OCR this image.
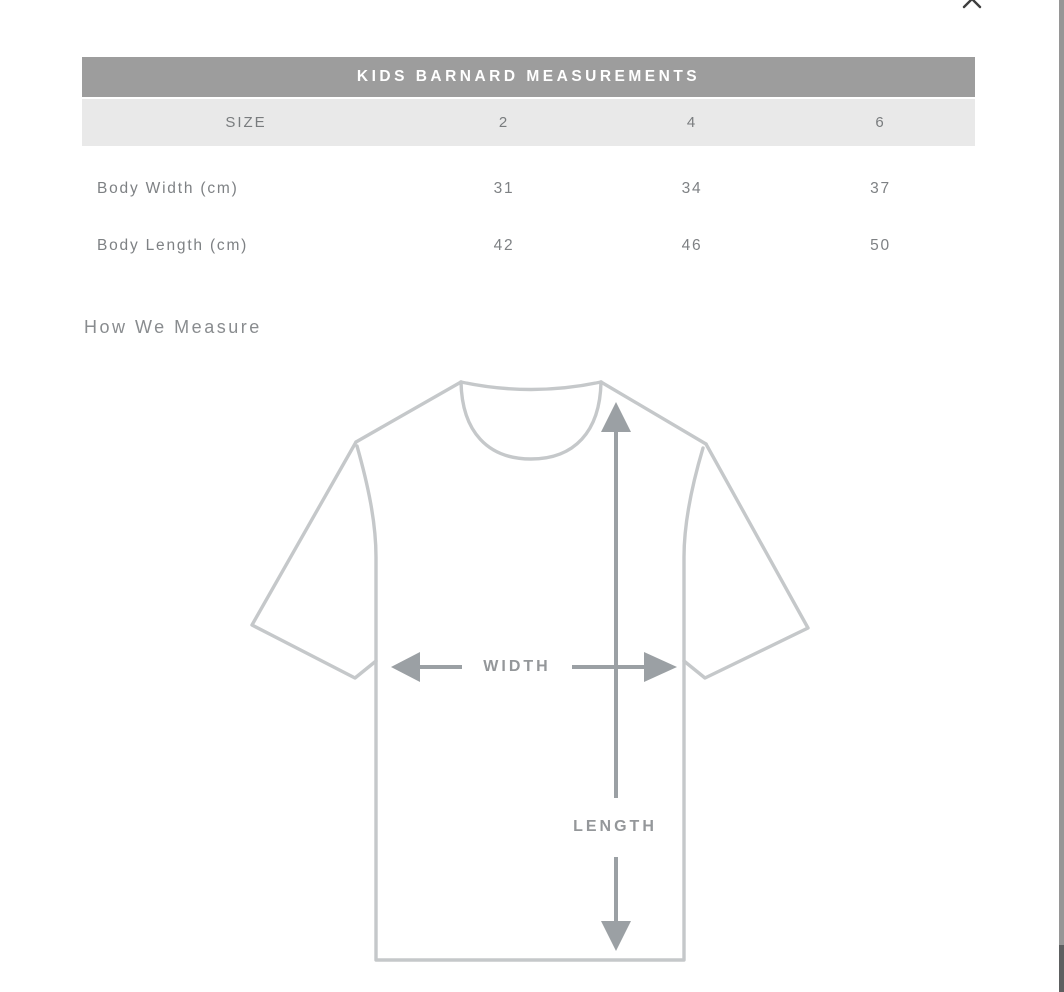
KIDS BARNARD MEASUREMENTS			
SIZE	2	4	6
Body Width (cm)	31	34	37
Body Length (cm)	42	46	50
How We Measure
WIDTH
LENGTH
